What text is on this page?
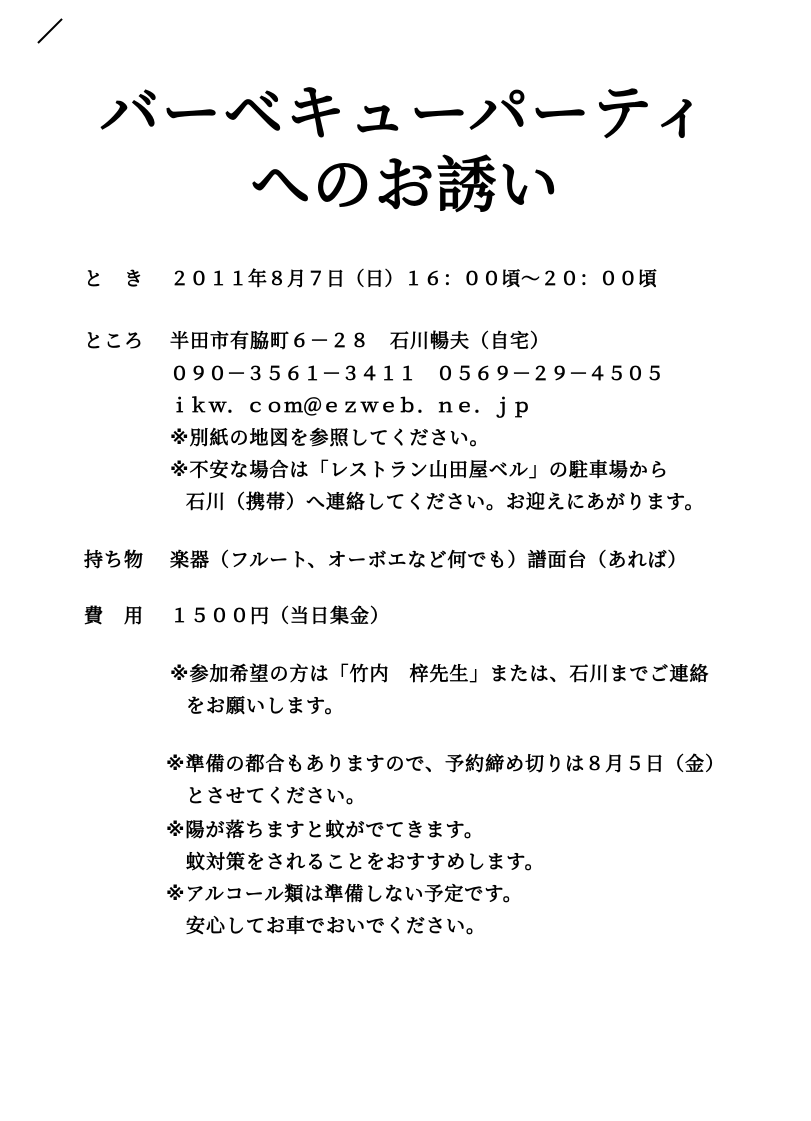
バーベキューパーティ
へのお誘い
と　き ２０１１年８月７日（日）１６：００頃～２０：００頃
ところ 半田市有脇町６－２８　石川暢夫（自宅）
０９０－３５６１－３４１１　０５６９－２９－４５０５
ｉｋｗ．ｃｏｍ＠ｅｚｗｅｂ．ｎｅ．ｊｐ
※別紙の地図を参照してください。
※不安な場合は「レストラン山田屋ベル」の駐車場から
石川（携帯）へ連絡してください。お迎えにあがります。
持ち物 楽器（フルート、オーボエなど何でも）譜面台（あれば）
費　用 １５００円（当日集金）
※参加希望の方は「竹内　梓先生」または、石川までご連絡
をお願いします。
※準備の都合もありますので、予約締め切りは８月５日（金）
とさせてください。
※陽が落ちますと蚊がでてきます。
蚊対策をされることをおすすめします。
※アルコール類は準備しない予定です。
安心してお車でおいでください。
